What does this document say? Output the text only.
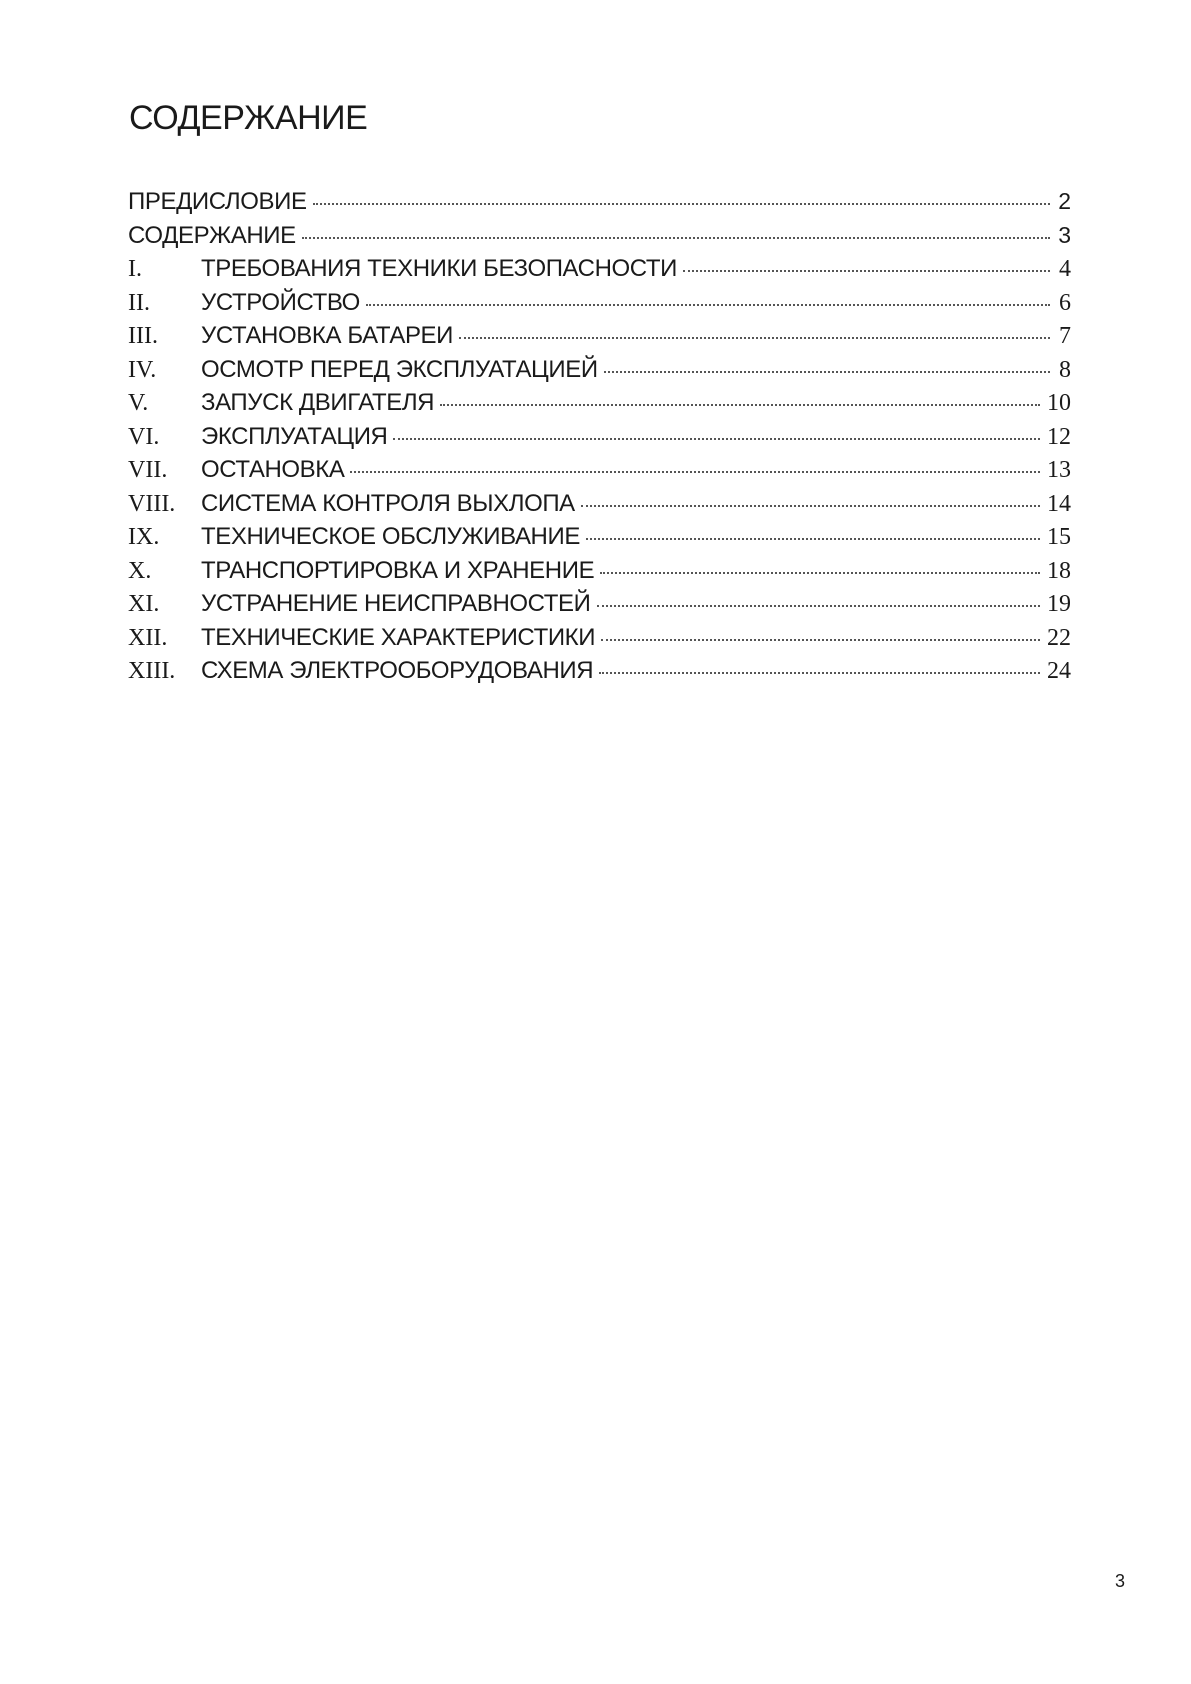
СОДЕРЖАНИЕ
ПРЕДИСЛОВИЕ	2
СОДЕРЖАНИЕ	3
I.	ТРЕБОВАНИЯ ТЕХНИКИ БЕЗОПАСНОСТИ	4
II.	УСТРОЙСТВО	6
III.	УСТАНОВКА БАТАРЕИ	7
IV.	ОСМОТР ПЕРЕД ЭКСПЛУАТАЦИЕЙ	8
V.	ЗАПУСК ДВИГАТЕЛЯ	10
VI.	ЭКСПЛУАТАЦИЯ	12
VII.	ОСТАНОВКА	13
VIII.	СИСТЕМА КОНТРОЛЯ ВЫХЛОПА	14
IX.	ТЕХНИЧЕСКОЕ ОБСЛУЖИВАНИЕ	15
X.	ТРАНСПОРТИРОВКА И ХРАНЕНИЕ	18
XI.	УСТРАНЕНИЕ НЕИСПРАВНОСТЕЙ	19
XII.	ТЕХНИЧЕСКИЕ ХАРАКТЕРИСТИКИ	22
XIII.	СХЕМА ЭЛЕКТРООБОРУДОВАНИЯ	24
3
